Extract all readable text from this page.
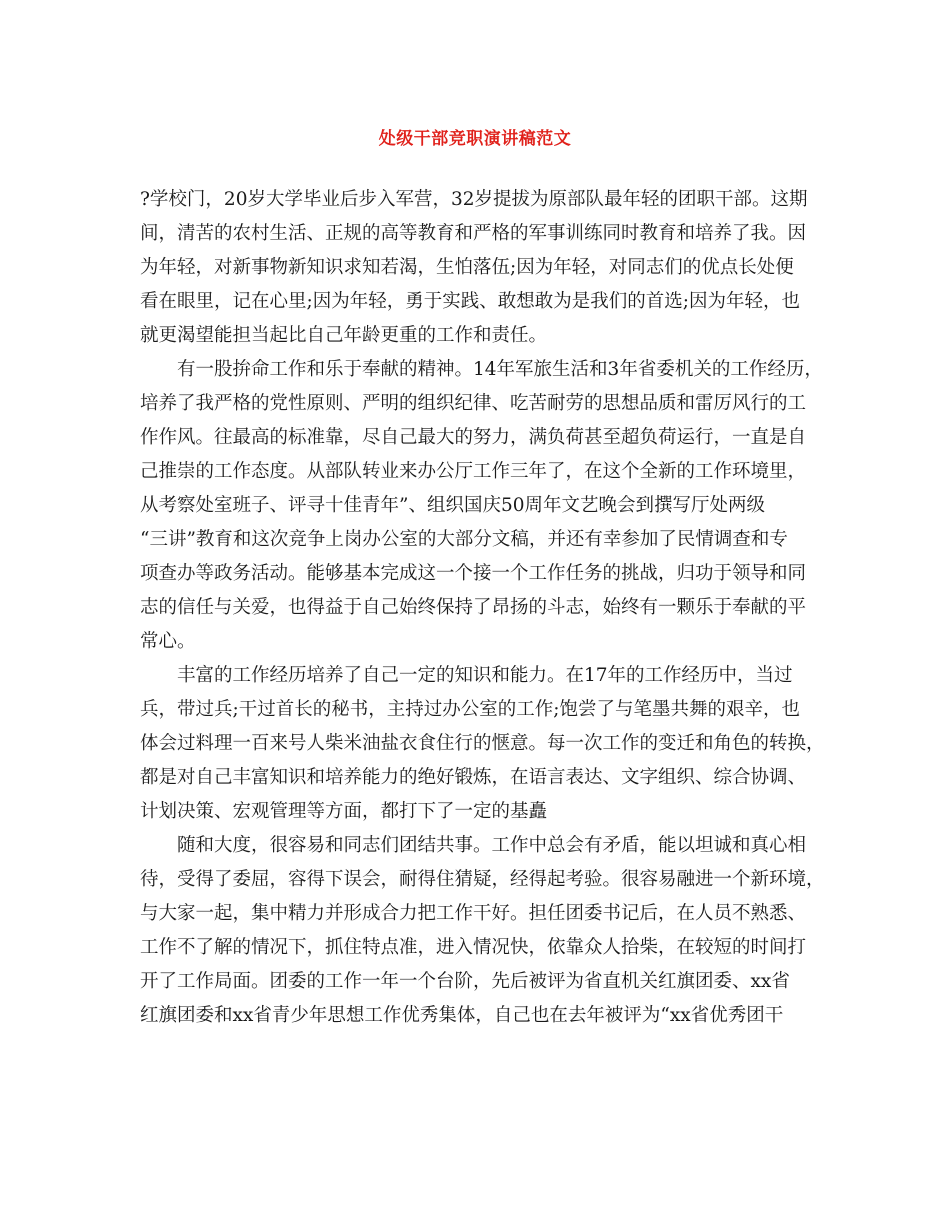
处级干部竞职演讲稿范文
?学校门，20岁大学毕业后步入军营，32岁提拔为原部队最年轻的团职干部。这期
间，清苦的农村生活、正规的高等教育和严格的军事训练同时教育和培养了我。因
为年轻，对新事物新知识求知若渴，生怕落伍;因为年轻，对同志们的优点长处便
看在眼里，记在心里;因为年轻，勇于实践、敢想敢为是我们的首选;因为年轻，也
就更渴望能担当起比自己年龄更重的工作和责任。
有一股拚命工作和乐于奉献的精神。14年军旅生活和3年省委机关的工作经历，
培养了我严格的党性原则、严明的组织纪律、吃苦耐劳的思想品质和雷厉风行的工
作作风。往最高的标准靠，尽自己最大的努力，满负荷甚至超负荷运行，一直是自
己推崇的工作态度。从部队转业来办公厅工作三年了，在这个全新的工作环境里，
从考察处室班子、评寻十佳青年”、组织国庆50周年文艺晚会到撰写厅处两级
“三讲”教育和这次竞争上岗办公室的大部分文稿，并还有幸参加了民情调查和专
项查办等政务活动。能够基本完成这一个接一个工作任务的挑战，归功于领导和同
志的信任与关爱，也得益于自己始终保持了昂扬的斗志，始终有一颗乐于奉献的平
常心。
丰富的工作经历培养了自己一定的知识和能力。在17年的工作经历中，当过
兵，带过兵;干过首长的秘书，主持过办公室的工作;饱尝了与笔墨共舞的艰辛，也
体会过料理一百来号人柴米油盐衣食住行的惬意。每一次工作的变迁和角色的转换，
都是对自己丰富知识和培养能力的绝好锻炼，在语言表达、文字组织、综合协调、
计划决策、宏观管理等方面，都打下了一定的基矗
随和大度，很容易和同志们团结共事。工作中总会有矛盾，能以坦诚和真心相
待，受得了委屈，容得下误会，耐得住猜疑，经得起考验。很容易融进一个新环境，
与大家一起，集中精力并形成合力把工作干好。担任团委书记后，在人员不熟悉、
工作不了解的情况下，抓住特点准，进入情况快，依靠众人拾柴，在较短的时间打
开了工作局面。团委的工作一年一个台阶，先后被评为省直机关红旗团委、xx省
红旗团委和xx省青少年思想工作优秀集体，自己也在去年被评为“xx省优秀团干
